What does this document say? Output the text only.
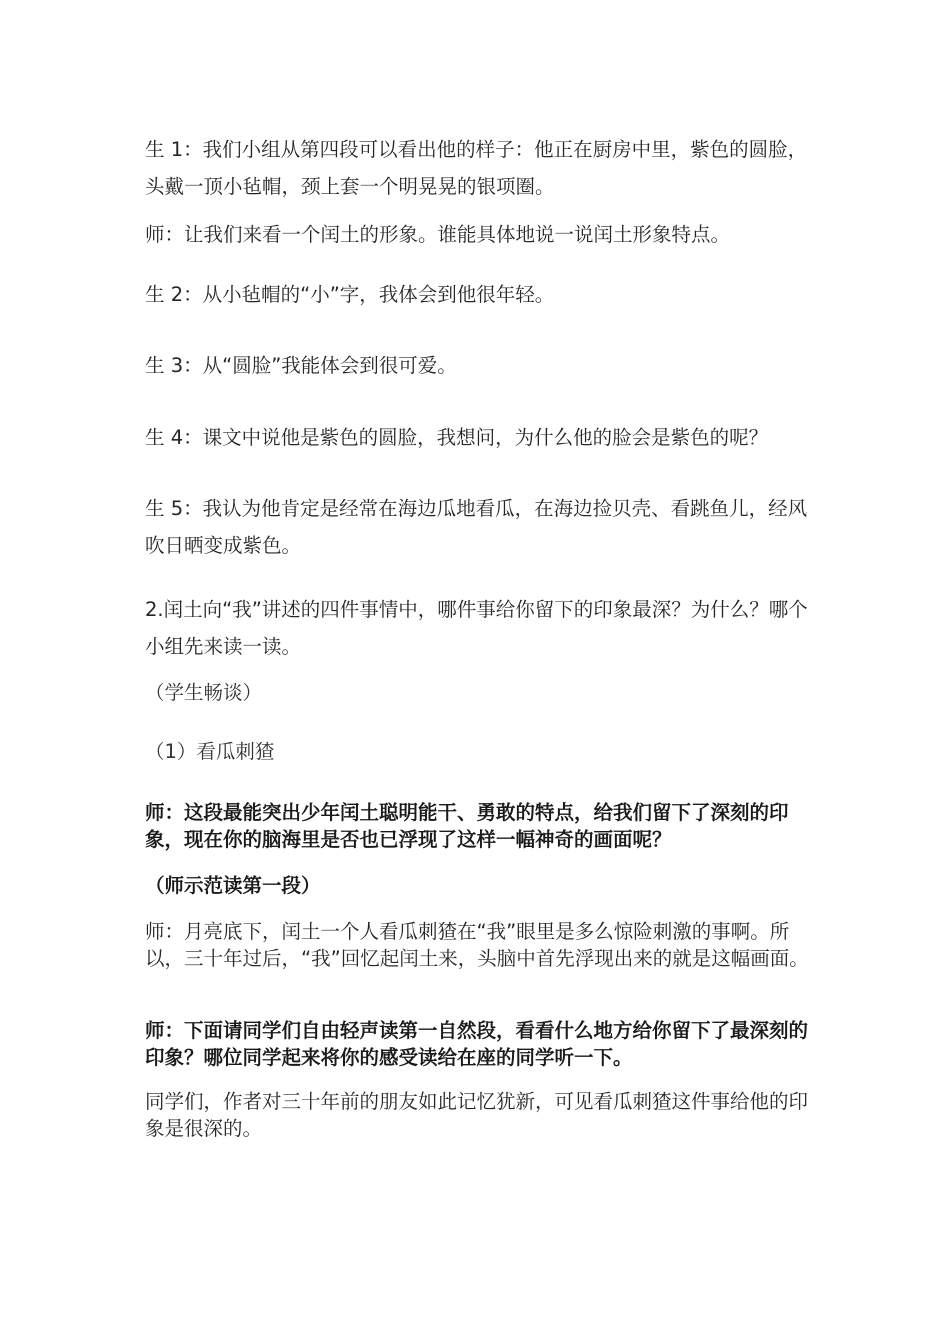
生 1：我们小组从第四段可以看出他的样子：他正在厨房中里，紫色的圆脸，头戴一顶小毡帽，颈上套一个明晃晃的银项圈。

师：让我们来看一个闰土的形象。谁能具体地说一说闰土形象特点。

生 2：从小毡帽的“小”字，我体会到他很年轻。

生 3：从“圆脸”我能体会到很可爱。

生 4：课文中说他是紫色的圆脸，我想问，为什么他的脸会是紫色的呢？

生 5：我认为他肯定是经常在海边瓜地看瓜，在海边捡贝壳、看跳鱼儿，经风吹日晒变成紫色。

2.闰土向“我”讲述的四件事情中，哪件事给你留下的印象最深？为什么？哪个小组先来读一读。

（学生畅谈）

（1）看瓜刺猹

师：这段最能突出少年闰土聪明能干、勇敢的特点，给我们留下了深刻的印象，现在你的脑海里是否也已浮现了这样一幅神奇的画面呢？

（师示范读第一段）

师：月亮底下，闰土一个人看瓜刺猹在“我”眼里是多么惊险刺激的事啊。所以，三十年过后，“我”回忆起闰土来，头脑中首先浮现出来的就是这幅画面。

师：下面请同学们自由轻声读第一自然段，看看什么地方给你留下了最深刻的印象？哪位同学起来将你的感受读给在座的同学听一下。

同学们，作者对三十年前的朋友如此记忆犹新，可见看瓜刺猹这件事给他的印象是很深的。
